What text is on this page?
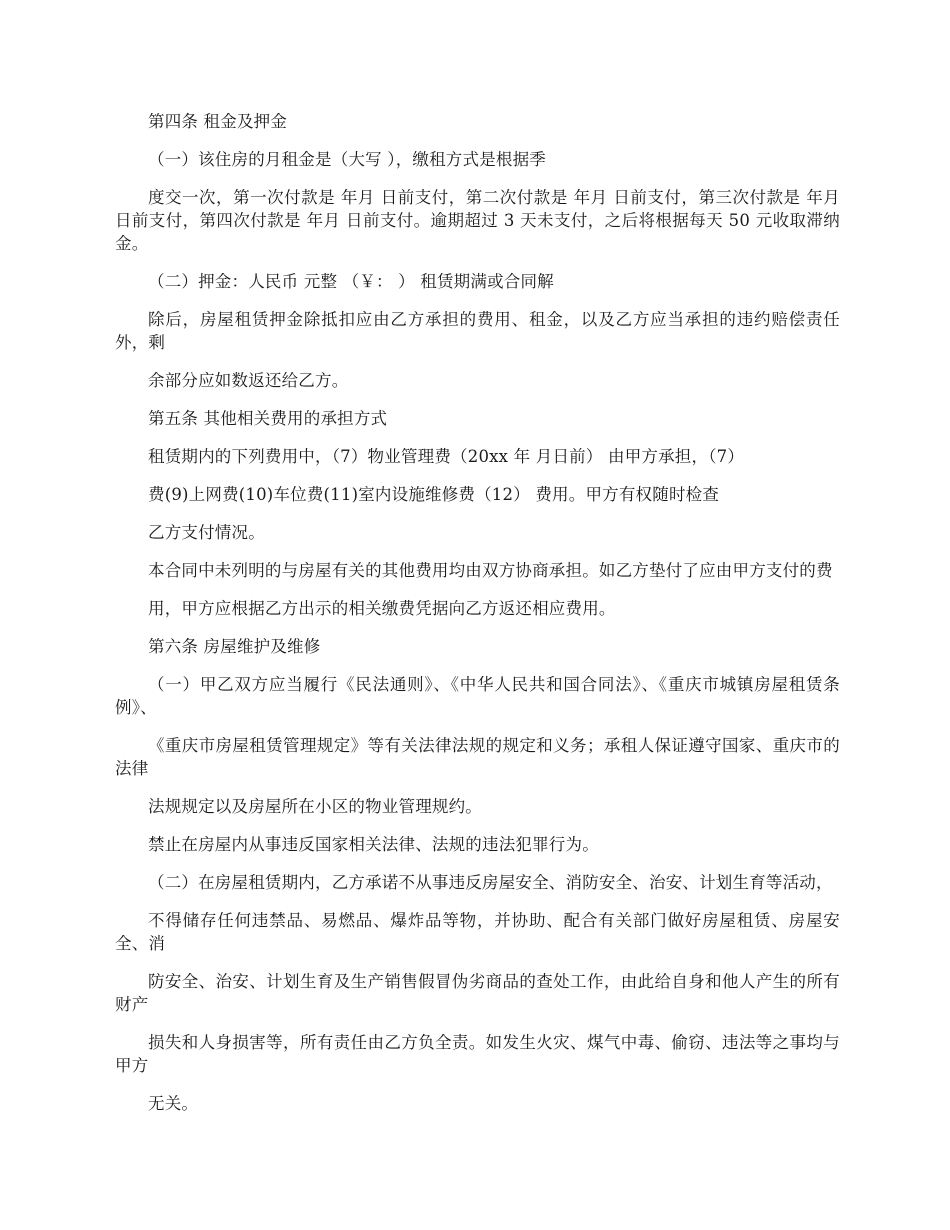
第四条 租金及押金

（一）该住房的月租金是（大写 ），缴租方式是根据季

度交一次，第一次付款是 年月 日前支付，第二次付款是 年月 日前支付，第三次付款是 年月 日前支付，第四次付款是 年月 日前支付。逾期超过 3 天未支付，之后将根据每天 50 元收取滞纳金。

（二）押金：人民币 元整 （￥： ） 租赁期满或合同解

除后，房屋租赁押金除抵扣应由乙方承担的费用、租金，以及乙方应当承担的违约赔偿责任外，剩

余部分应如数返还给乙方。

第五条 其他相关费用的承担方式

租赁期内的下列费用中，（7）物业管理费（20xx 年 月日前） 由甲方承担，（7）

费(9)上网费(10)车位费(11)室内设施维修费（12） 费用。甲方有权随时检查

乙方支付情况。

本合同中未列明的与房屋有关的其他费用均由双方协商承担。如乙方垫付了应由甲方支付的费

用，甲方应根据乙方出示的相关缴费凭据向乙方返还相应费用。

第六条 房屋维护及维修

（一）甲乙双方应当履行《民法通则》、《中华人民共和国合同法》、《重庆市城镇房屋租赁条例》、

《重庆市房屋租赁管理规定》等有关法律法规的规定和义务；承租人保证遵守国家、重庆市的法律

法规规定以及房屋所在小区的物业管理规约。

禁止在房屋内从事违反国家相关法律、法规的违法犯罪行为。

（二）在房屋租赁期内，乙方承诺不从事违反房屋安全、消防安全、治安、计划生育等活动，

不得储存任何违禁品、易燃品、爆炸品等物，并协助、配合有关部门做好房屋租赁、房屋安全、消

防安全、治安、计划生育及生产销售假冒伪劣商品的查处工作，由此给自身和他人产生的所有财产

损失和人身损害等，所有责任由乙方负全责。如发生火灾、煤气中毒、偷窃、违法等之事均与甲方

无关。
